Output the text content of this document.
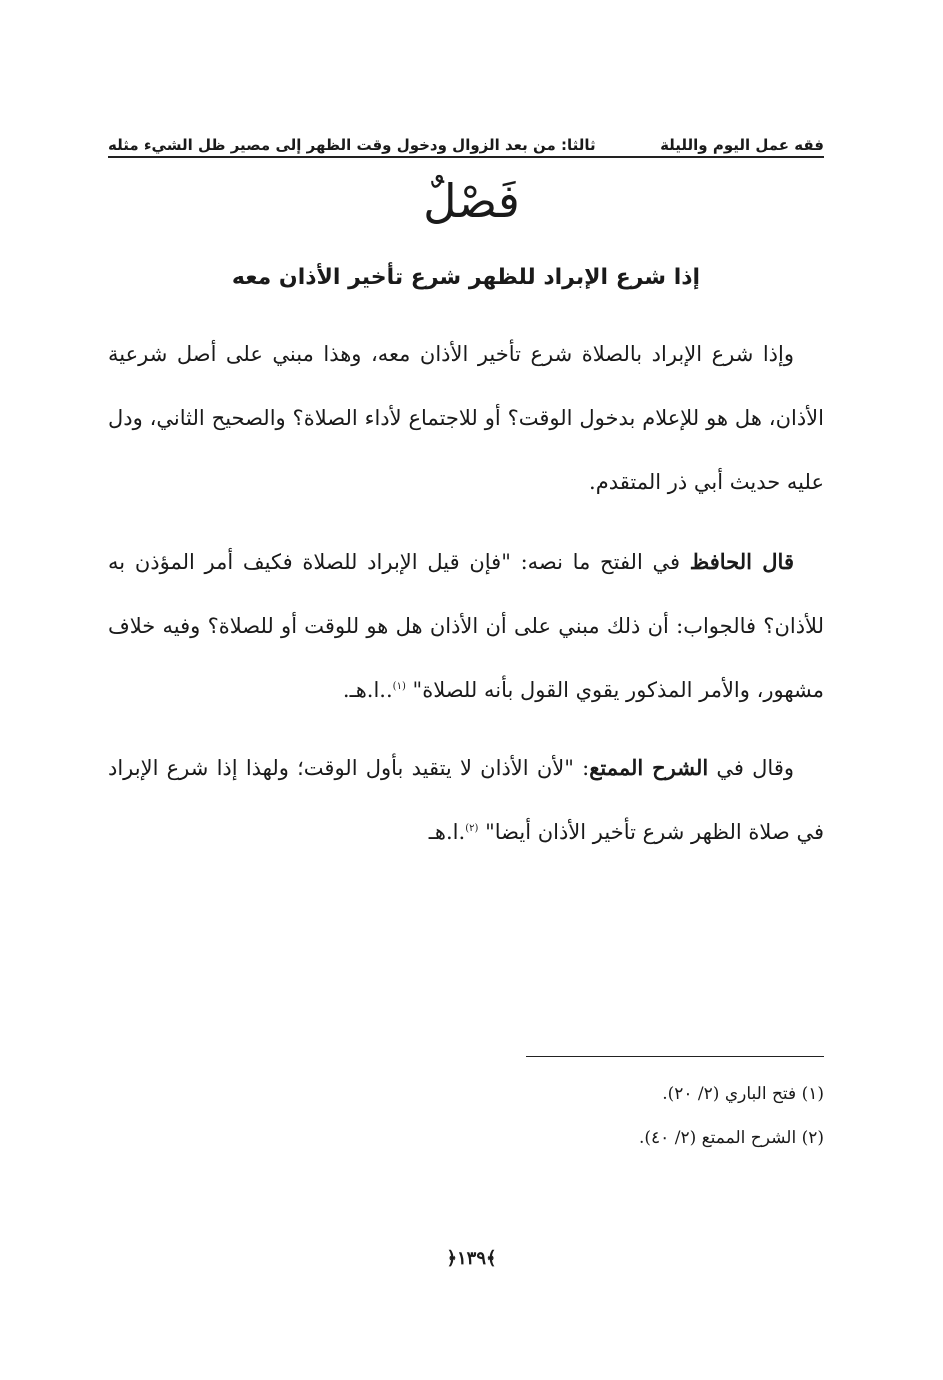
فقه عمل اليوم والليلة
ثالثا: من بعد الزوال ودخول وقت الظهر إلى مصير ظل الشيء مثله
فَصْلٌ
إذا شرع الإبراد للظهر شرع تأخير الأذان معه

وإذا شرع الإبراد بالصلاة شرع تأخير الأذان معه، وهذا مبني على أصل شرعية الأذان، هل هو للإعلام بدخول الوقت؟ أو للاجتماع لأداء الصلاة؟ والصحيح الثاني، ودل عليه حديث أبي ذر المتقدم.

قال الحافظ في الفتح ما نصه: "فإن قيل الإبراد للصلاة فكيف أمر المؤذن به للأذان؟ فالجواب: أن ذلك مبني على أن الأذان هل هو للوقت أو للصلاة؟ وفيه خلاف مشهور، والأمر المذكور يقوي القول بأنه للصلاة" $^{(١)}$..ا.هـ.

وقال في الشرح الممتع: "لأن الأذان لا يتقيد بأول الوقت؛ ولهذا إذا شرع الإبراد في صلاة الظهر شرع تأخير الأذان أيضا" $^{(٢)}$.ا.هـ

(١) فتح الباري (٢/ ٢٠).

(٢) الشرح الممتع (٢/ ٤٠).

﴿١٣٩﴾
